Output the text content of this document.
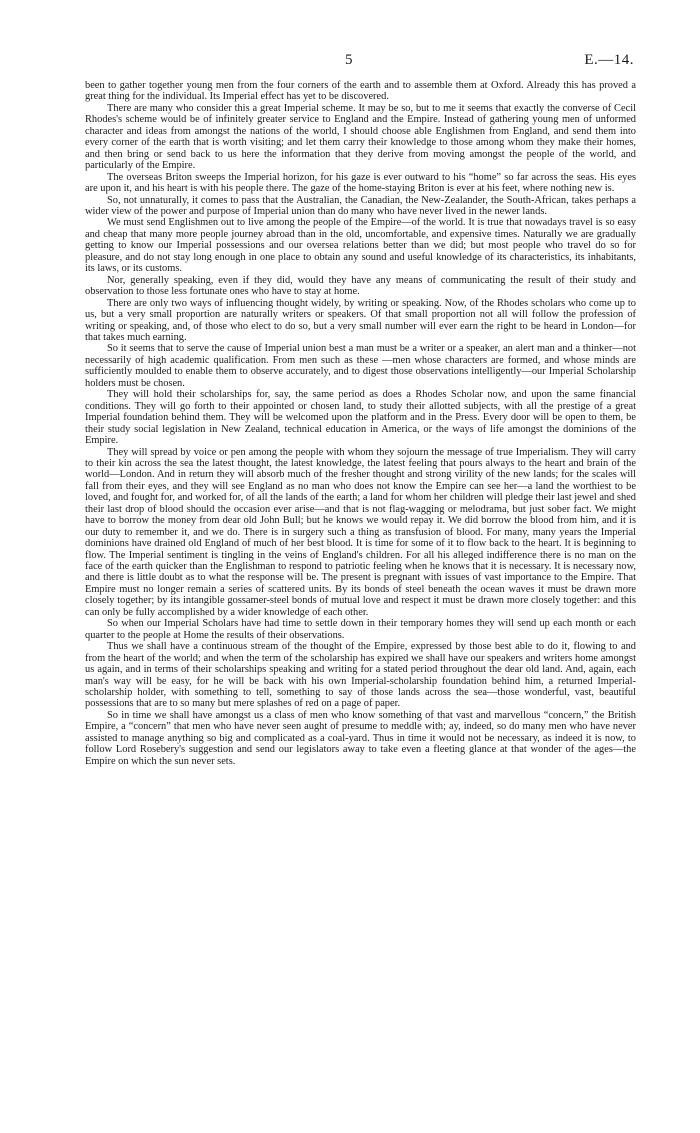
5	E.—14.

been to gather together young men from the four corners of the earth and to assemble them at Oxford. Already this has proved a great thing for the individual. Its Imperial effect has yet to be discovered.

There are many who consider this a great Imperial scheme. It may be so, but to me it seems that exactly the converse of Cecil Rhodes's scheme would be of infinitely greater service to England and the Empire. Instead of gathering young men of unformed character and ideas from amongst the nations of the world, I should choose able Englishmen from England, and send them into every corner of the earth that is worth visiting; and let them carry their knowledge to those among whom they make their homes, and then bring or send back to us here the information that they derive from moving amongst the people of the world, and particularly of the Empire.

The overseas Briton sweeps the Imperial horizon, for his gaze is ever outward to his “home” so far across the seas. His eyes are upon it, and his heart is with his people there. The gaze of the home-staying Briton is ever at his feet, where nothing new is.

So, not unnaturally, it comes to pass that the Australian, the Canadian, the New-Zealander, the South-African, takes perhaps a wider view of the power and purpose of Imperial union than do many who have never lived in the newer lands.

We must send Englishmen out to live among the people of the Empire—of the world. It is true that nowadays travel is so easy and cheap that many more people journey abroad than in the old, uncomfortable, and expensive times. Naturally we are gradually getting to know our Imperial possessions and our oversea relations better than we did; but most people who travel do so for pleasure, and do not stay long enough in one place to obtain any sound and useful knowledge of its characteristics, its inhabitants, its laws, or its customs.

Nor, generally speaking, even if they did, would they have any means of communicating the result of their study and observation to those less fortunate ones who have to stay at home.

There are only two ways of influencing thought widely, by writing or speaking. Now, of the Rhodes scholars who come up to us, but a very small proportion are naturally writers or speakers. Of that small proportion not all will follow the profession of writing or speaking, and, of those who elect to do so, but a very small number will ever earn the right to be heard in London—for that takes much earning.

So it seems that to serve the cause of Imperial union best a man must be a writer or a speaker, an alert man and a thinker—not necessarily of high academic qualification. From men such as these —men whose characters are formed, and whose minds are sufficiently moulded to enable them to observe accurately, and to digest those observations intelligently—our Imperial Scholarship holders must be chosen.

They will hold their scholarships for, say, the same period as does a Rhodes Scholar now, and upon the same financial conditions. They will go forth to their appointed or chosen land, to study their allotted subjects, with all the prestige of a great Imperial foundation behind them. They will be welcomed upon the platform and in the Press. Every door will be open to them, be their study social legislation in New Zealand, technical education in America, or the ways of life amongst the dominions of the Empire.

They will spread by voice or pen among the people with whom they sojourn the message of true Imperialism. They will carry to their kin across the sea the latest thought, the latest knowledge, the latest feeling that pours always to the heart and brain of the world—London. And in return they will absorb much of the fresher thought and strong virility of the new lands; for the scales will fall from their eyes, and they will see England as no man who does not know the Empire can see her—a land the worthiest to be loved, and fought for, and worked for, of all the lands of the earth; a land for whom her children will pledge their last jewel and shed their last drop of blood should the occasion ever arise—and that is not flag-wagging or melodrama, but just sober fact. We might have to borrow the money from dear old John Bull; but he knows we would repay it. We did borrow the blood from him, and it is our duty to remember it, and we do. There is in surgery such a thing as transfusion of blood. For many, many years the Imperial dominions have drained old England of much of her best blood. It is time for some of it to flow back to the heart. It is beginning to flow. The Imperial sentiment is tingling in the veins of England's children. For all his alleged indifference there is no man on the face of the earth quicker than the Englishman to respond to patriotic feeling when he knows that it is necessary. It is necessary now, and there is little doubt as to what the response will be. The present is pregnant with issues of vast importance to the Empire. That Empire must no longer remain a series of scattered units. By its bonds of steel beneath the ocean waves it must be drawn more closely together; by its intangible gossamer-steel bonds of mutual love and respect it must be drawn more closely together: and this can only be fully accomplished by a wider knowledge of each other.

So when our Imperial Scholars have had time to settle down in their temporary homes they will send up each month or each quarter to the people at Home the results of their observations.

Thus we shall have a continuous stream of the thought of the Empire, expressed by those best able to do it, flowing to and from the heart of the world; and when the term of the scholarship has expired we shall have our speakers and writers home amongst us again, and in terms of their scholarships speaking and writing for a stated period throughout the dear old land. And, again, each man's way will be easy, for he will be back with his own Imperial-scholarship foundation behind him, a returned Imperial-scholarship holder, with something to tell, something to say of those lands across the sea—those wonderful, vast, beautiful possessions that are to so many but mere splashes of red on a page of paper.

So in time we shall have amongst us a class of men who know something of that vast and marvellous “concern,” the British Empire, a “concern” that men who have never seen aught of presume to meddle with; ay, indeed, so do many men who have never assisted to manage anything so big and complicated as a coal-yard. Thus in time it would not be necessary, as indeed it is now, to follow Lord Rosebery's suggestion and send our legislators away to take even a fleeting glance at that wonder of the ages—the Empire on which the sun never sets.
